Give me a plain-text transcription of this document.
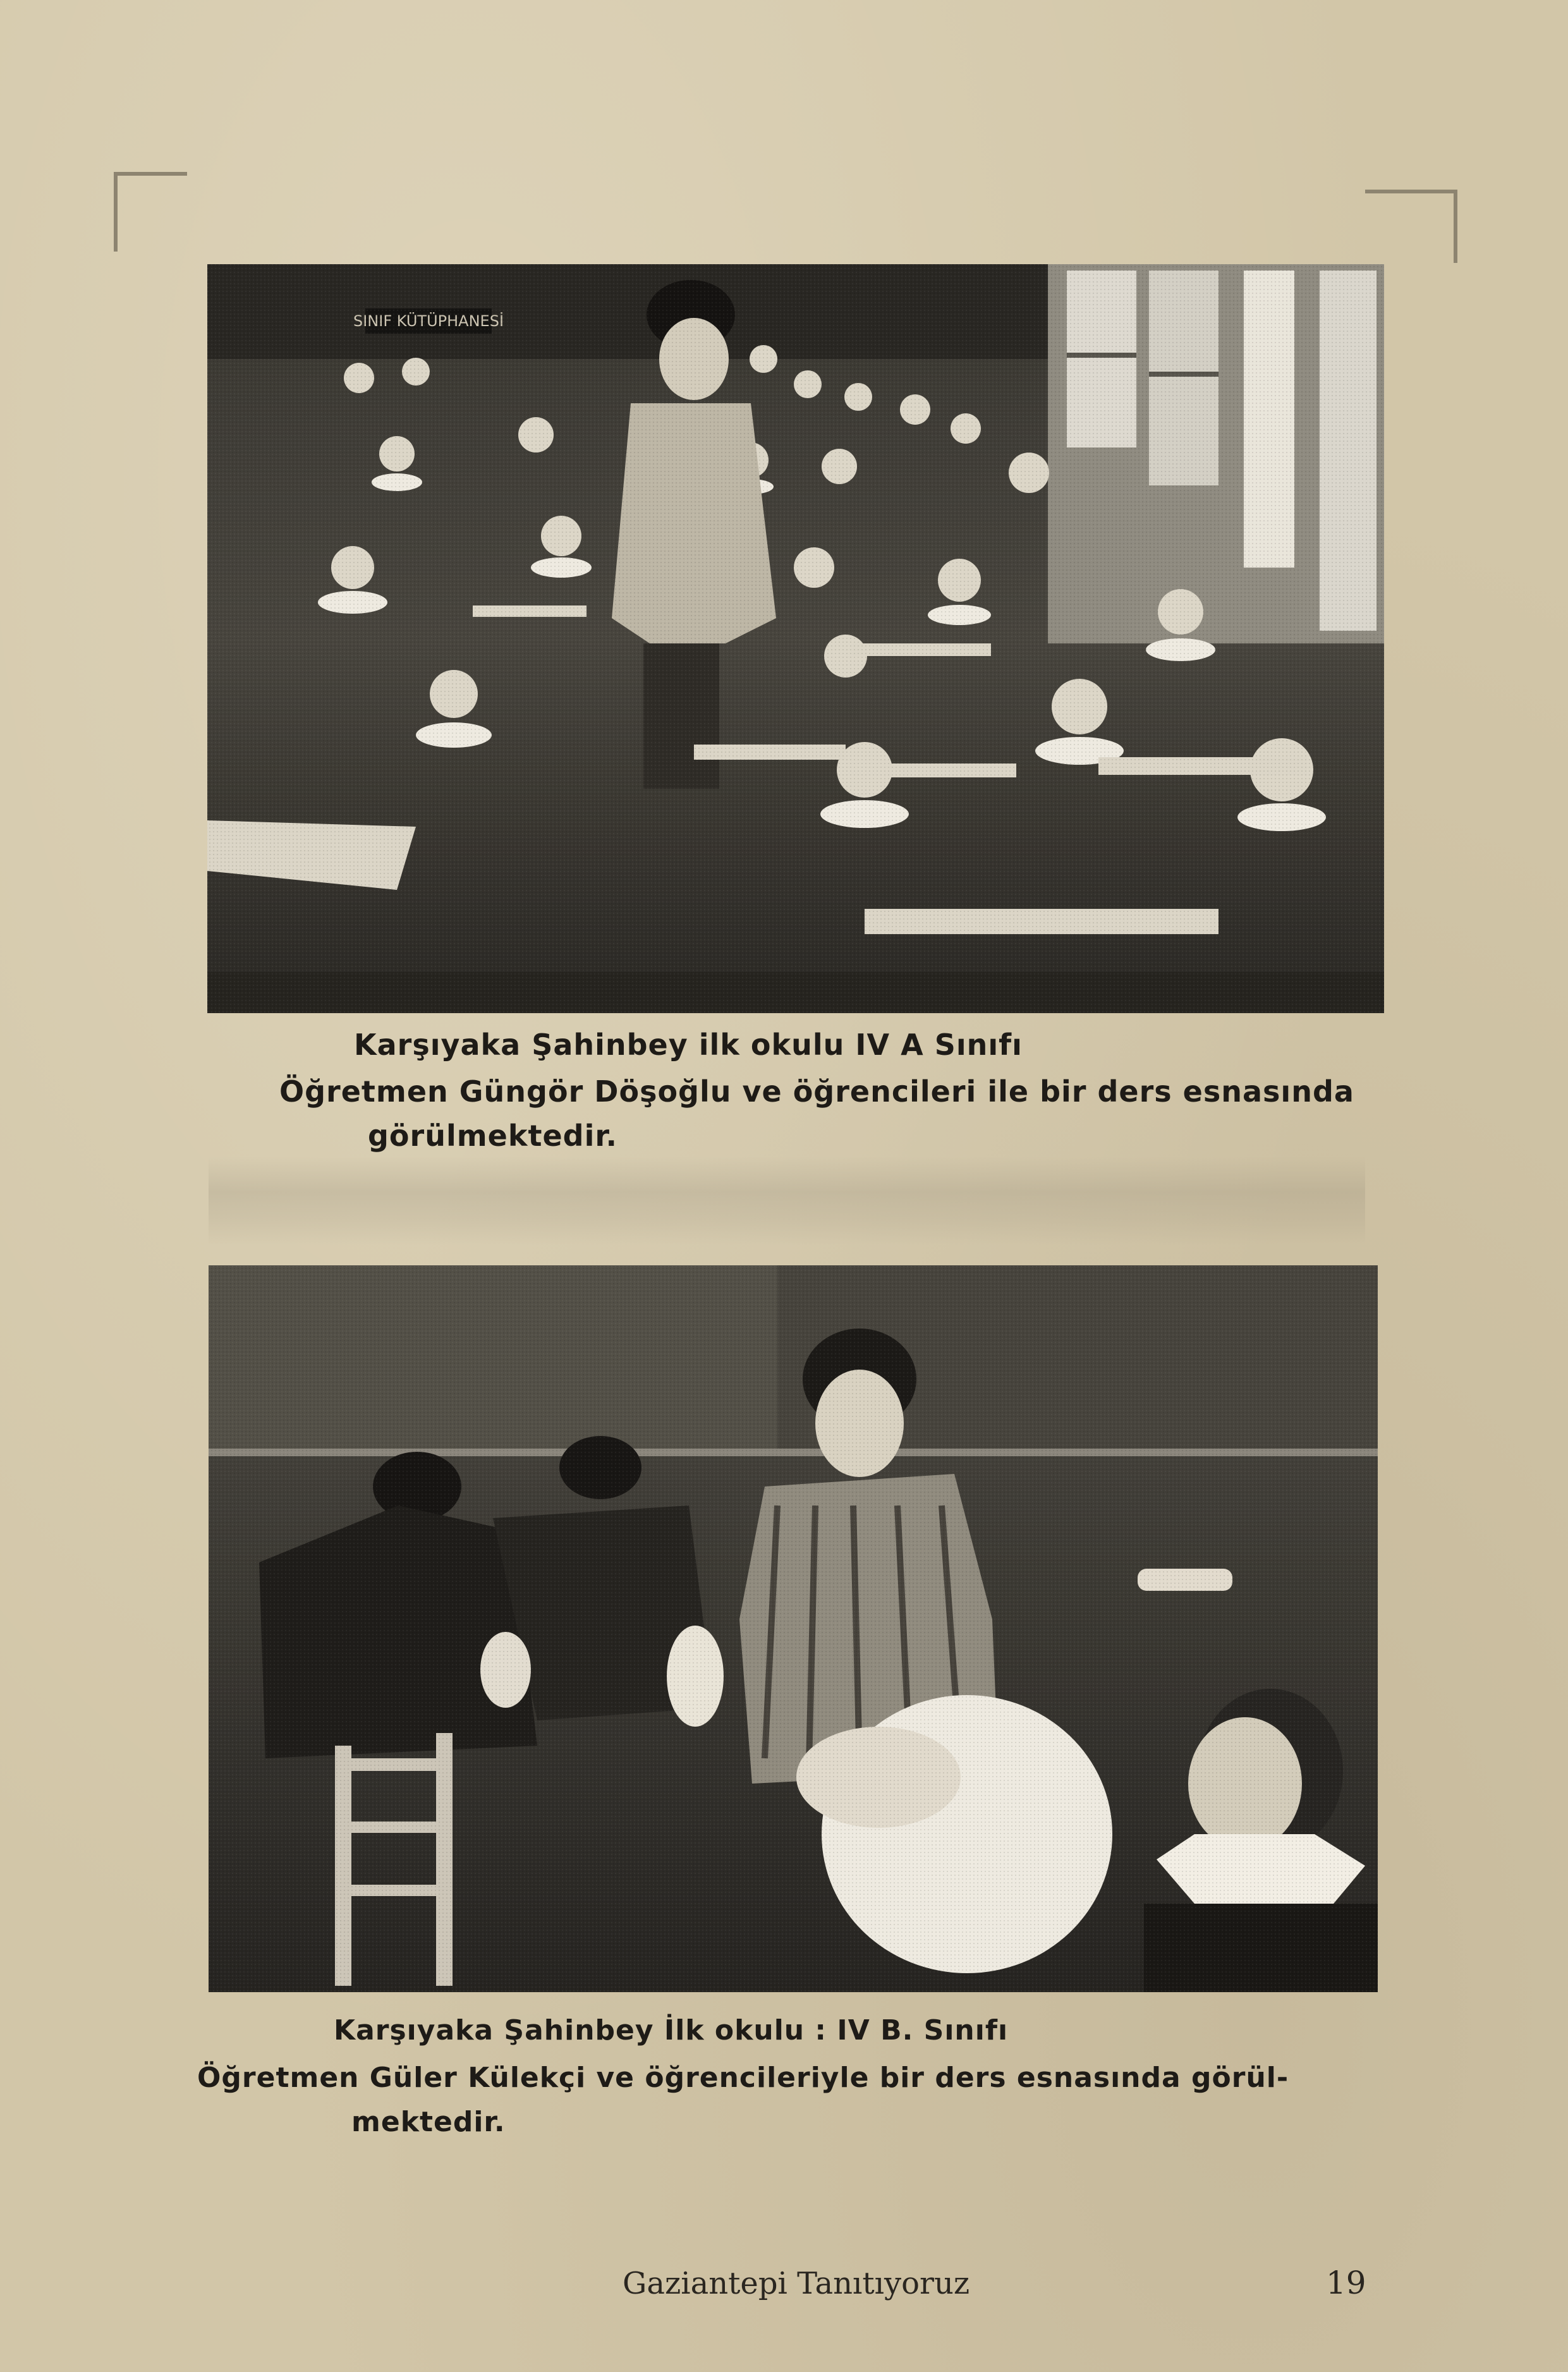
Karşıyaka Şahinbey ilk okulu IV A Sınıfı
Öğretmen Güngör Döşoğlu ve öğrencileri ile bir ders esnasında
görülmektedir.
Karşıyaka Şahinbey İlk okulu : IV B. Sınıfı
Öğretmen Güler Külekçi ve öğrencileriyle bir ders esnasında görül-
mektedir.
Gaziantepi Tanıtıyoruz	19
